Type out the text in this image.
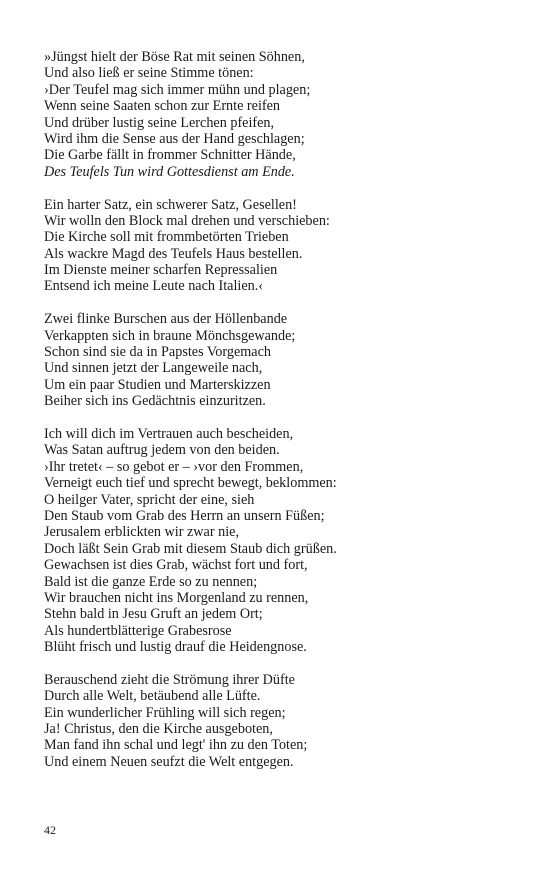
»Jüngst hielt der Böse Rat mit seinen Söhnen,
Und also ließ er seine Stimme tönen:
›Der Teufel mag sich immer mühn und plagen;
Wenn seine Saaten schon zur Ernte reifen
Und drüber lustig seine Lerchen pfeifen,
Wird ihm die Sense aus der Hand geschlagen;
Die Garbe fällt in frommer Schnitter Hände,
Des Teufels Tun wird Gottesdienst am Ende.
Ein harter Satz, ein schwerer Satz, Gesellen!
Wir wolln den Block mal drehen und verschieben:
Die Kirche soll mit frommbetörten Trieben
Als wackre Magd des Teufels Haus bestellen.
Im Dienste meiner scharfen Repressalien
Entsend ich meine Leute nach Italien.‹
Zwei flinke Burschen aus der Höllenbande
Verkappten sich in braune Mönchsgewande;
Schon sind sie da in Papstes Vorgemach
Und sinnen jetzt der Langeweile nach,
Um ein paar Studien und Marterskizzen
Beiher sich ins Gedächtnis einzuritzen.
Ich will dich im Vertrauen auch bescheiden,
Was Satan auftrug jedem von den beiden.
›Ihr tretet‹ – so gebot er – ›vor den Frommen,
Verneigt euch tief und sprecht bewegt, beklommen:
O heilger Vater, spricht der eine, sieh
Den Staub vom Grab des Herrn an unsern Füßen;
Jerusalem erblickten wir zwar nie,
Doch läßt Sein Grab mit diesem Staub dich grüßen.
Gewachsen ist dies Grab, wächst fort und fort,
Bald ist die ganze Erde so zu nennen;
Wir brauchen nicht ins Morgenland zu rennen,
Stehn bald in Jesu Gruft an jedem Ort;
Als hundertblätterige Grabesrose
Blüht frisch und lustig drauf die Heidengnose.
Berauschend zieht die Strömung ihrer Düfte
Durch alle Welt, betäubend alle Lüfte.
Ein wunderlicher Frühling will sich regen;
Ja! Christus, den die Kirche ausgeboten,
Man fand ihn schal und legt' ihn zu den Toten;
Und einem Neuen seufzt die Welt entgegen.
42
